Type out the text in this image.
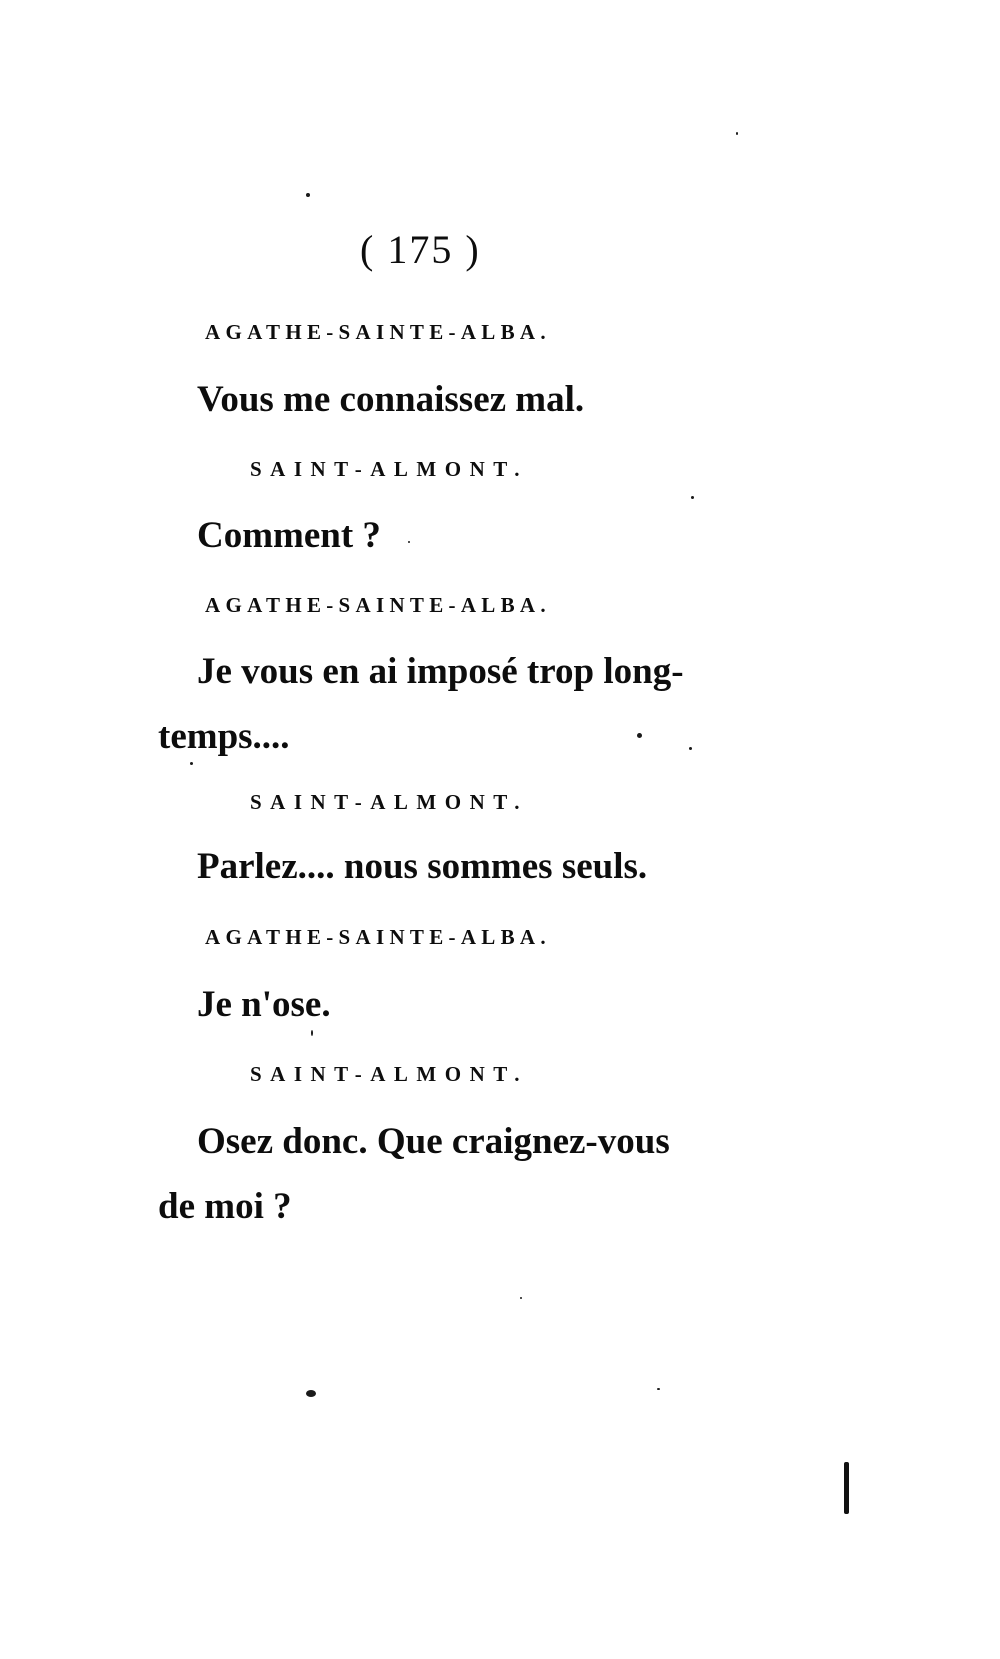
( 175 )
AGATHE-SAINTE-ALBA.
Vous me connaissez mal.
SAINT-ALMONT.
Comment ?
AGATHE-SAINTE-ALBA.
Je vous en ai imposé trop long-
temps....
SAINT-ALMONT.
Parlez.... nous sommes seuls.
AGATHE-SAINTE-ALBA.
Je n'ose.
SAINT-ALMONT.
Osez donc. Que craignez-vous
de moi ?
